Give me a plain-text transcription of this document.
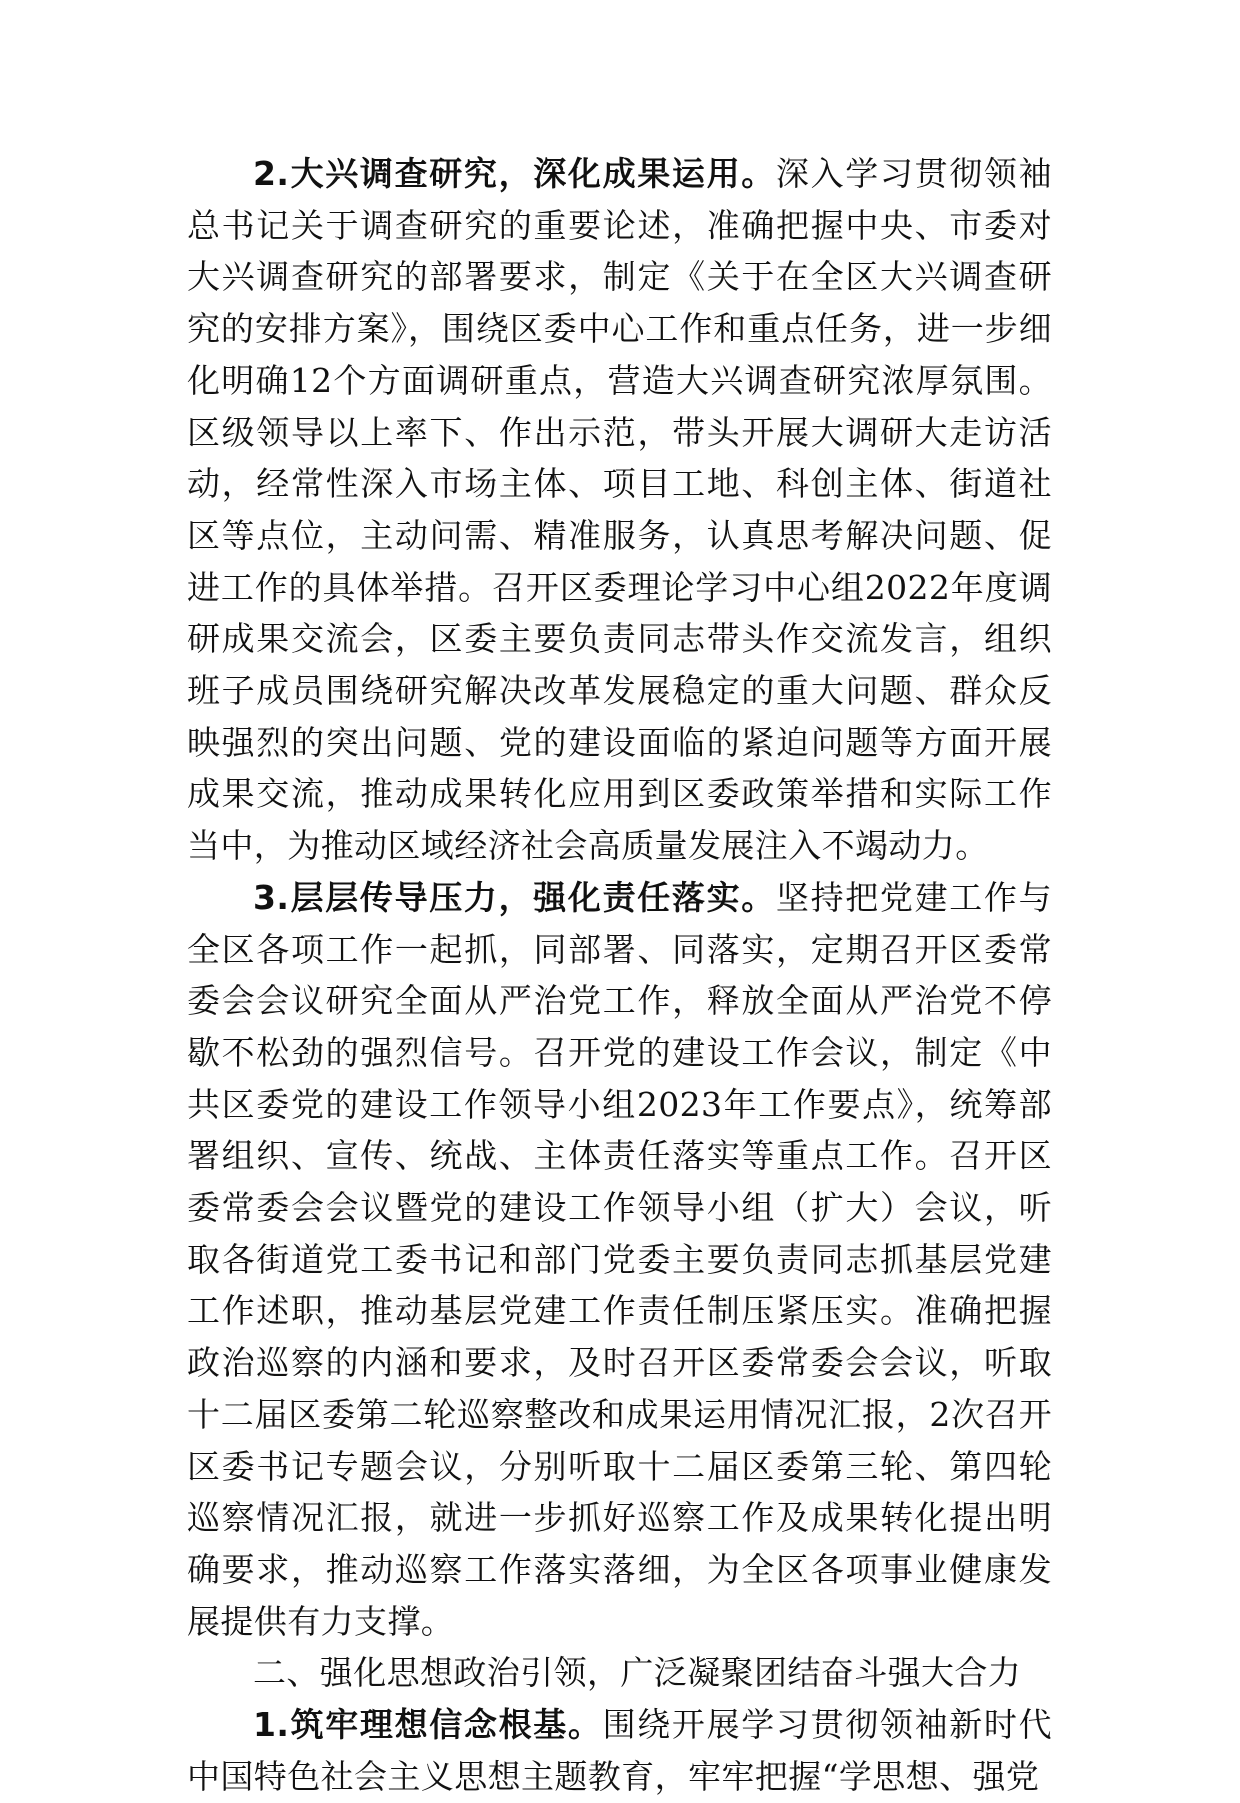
2.大兴调查研究，深化成果运用。深入学习贯彻领袖总书记关于调查研究的重要论述，准确把握中央、市委对大兴调查研究的部署要求，制定《关于在全区大兴调查研究的安排方案》，围绕区委中心工作和重点任务，进一步细化明确12个方面调研重点，营造大兴调查研究浓厚氛围。区级领导以上率下、作出示范，带头开展大调研大走访活动，经常性深入市场主体、项目工地、科创主体、街道社区等点位，主动问需、精准服务，认真思考解决问题、促进工作的具体举措。召开区委理论学习中心组2022年度调研成果交流会，区委主要负责同志带头作交流发言，组织班子成员围绕研究解决改革发展稳定的重大问题、群众反映强烈的突出问题、党的建设面临的紧迫问题等方面开展成果交流，推动成果转化应用到区委政策举措和实际工作当中，为推动区域经济社会高质量发展注入不竭动力。

3.层层传导压力，强化责任落实。坚持把党建工作与全区各项工作一起抓，同部署、同落实，定期召开区委常委会会议研究全面从严治党工作，释放全面从严治党不停歇不松劲的强烈信号。召开党的建设工作会议，制定《中共区委党的建设工作领导小组2023年工作要点》，统筹部署组织、宣传、统战、主体责任落实等重点工作。召开区委常委会会议暨党的建设工作领导小组（扩大）会议，听取各街道党工委书记和部门党委主要负责同志抓基层党建工作述职，推动基层党建工作责任制压紧压实。准确把握政治巡察的内涵和要求，及时召开区委常委会会议，听取十二届区委第二轮巡察整改和成果运用情况汇报，2次召开区委书记专题会议，分别听取十二届区委第三轮、第四轮巡察情况汇报，就进一步抓好巡察工作及成果转化提出明确要求，推动巡察工作落实落细，为全区各项事业健康发展提供有力支撑。

二、强化思想政治引领，广泛凝聚团结奋斗强大合力

1.筑牢理想信念根基。围绕开展学习贯彻领袖新时代中国特色社会主义思想主题教育，牢牢把握“学思想、强党
